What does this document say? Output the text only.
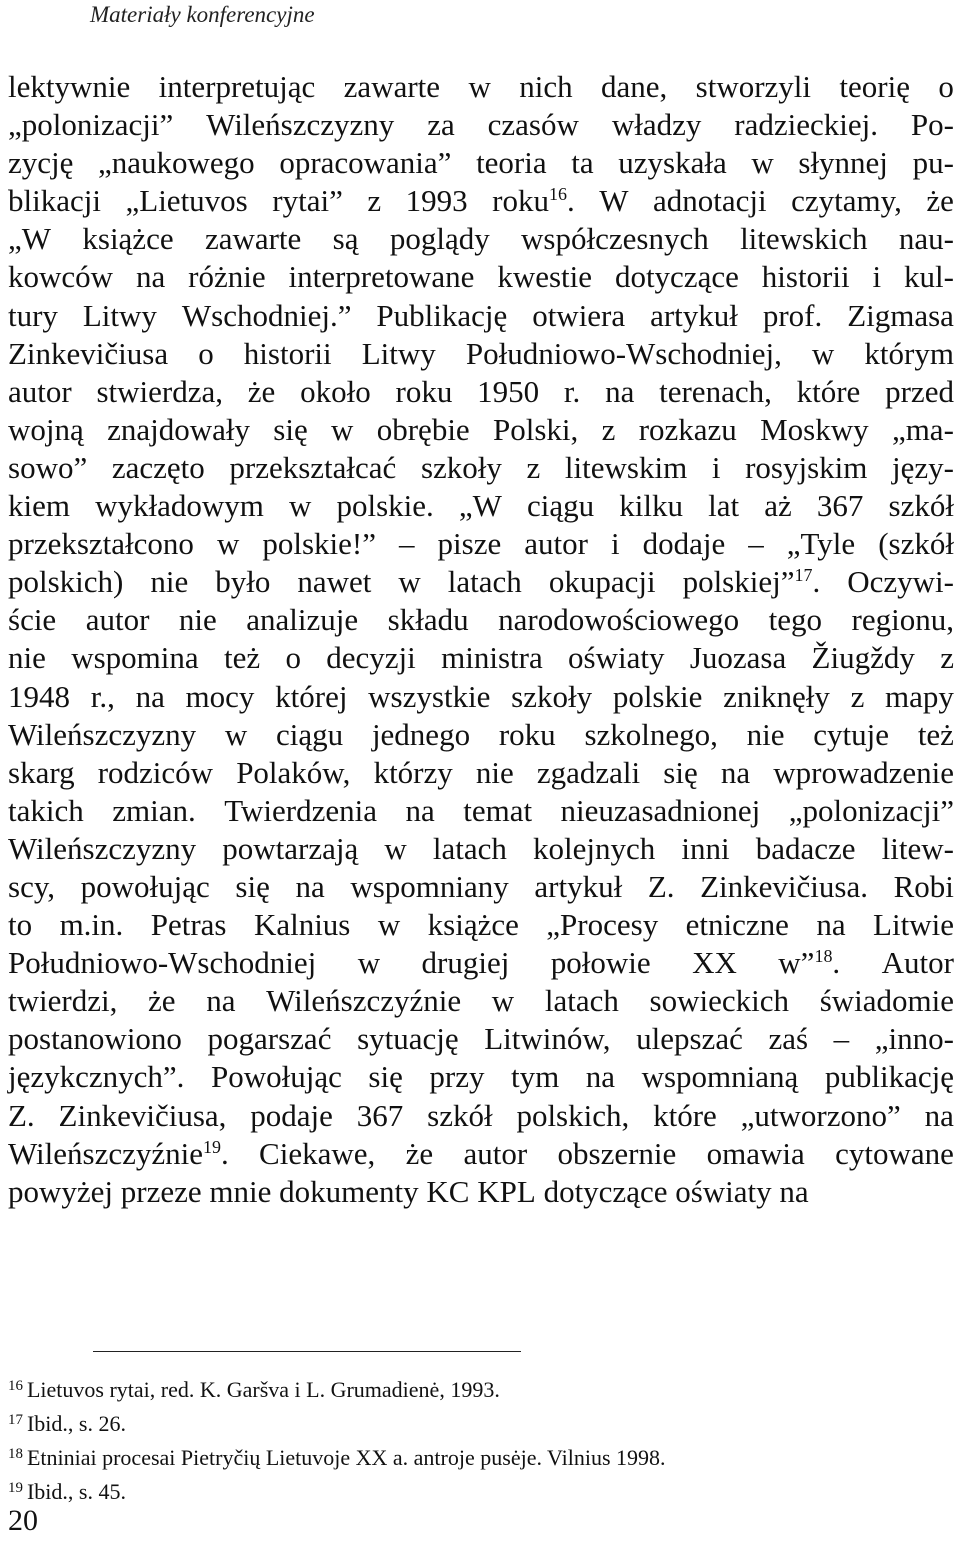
Materiały konferencyjne
lektywnie interpretując zawarte w nich dane, stworzyli teorię o
„polonizacji” Wileńszczyzny za czasów władzy radzieckiej. Po-
zycję „naukowego opracowania” teoria ta uzyskała w słynnej pu-
blikacji „Lietuvos rytai” z 1993 roku$^{16}$. W adnotacji czytamy, że
„W książce zawarte są poglądy współczesnych litewskich nau-
kowców na różnie interpretowane kwestie dotyczące historii i kul-
tury Litwy Wschodniej.” Publikację otwiera artykuł prof. Zigmasa
Zinkevičiusa o historii Litwy Południowo-Wschodniej, w którym
autor stwierdza, że około roku 1950 r. na terenach, które przed
wojną znajdowały się w obrębie Polski, z rozkazu Moskwy „ma-
sowo” zaczęto przekształcać szkoły z litewskim i rosyjskim języ-
kiem wykładowym w polskie. „W ciągu kilku lat aż 367 szkół
przekształcono w polskie!” – pisze autor i dodaje – „Tyle (szkół
polskich) nie było nawet w latach okupacji polskiej”$^{17}$. Oczywi-
ście autor nie analizuje składu narodowościowego tego regionu,
nie wspomina też o decyzji ministra oświaty Juozasa Žiugždy z
1948 r., na mocy której wszystkie szkoły polskie zniknęły z mapy
Wileńszczyzny w ciągu jednego roku szkolnego, nie cytuje też
skarg rodziców Polaków, którzy nie zgadzali się na wprowadzenie
takich zmian. Twierdzenia na temat nieuzasadnionej „polonizacji”
Wileńszczyzny powtarzają w latach kolejnych inni badacze litew-
scy, powołując się na wspomniany artykuł Z. Zinkevičiusa. Robi
to m.in. Petras Kalnius w książce „Procesy etniczne na Litwie
Południowo-Wschodniej w drugiej połowie XX w”$^{18}$. Autor
twierdzi, że na Wileńszczyźnie w latach sowieckich świadomie
postanowiono pogarszać sytuację Litwinów, ulepszać zaś – „inno-
językcznych”. Powołując się przy tym na wspomnianą publikację
Z. Zinkevičiusa, podaje 367 szkół polskich, które „utworzono” na
Wileńszczyźnie$^{19}$. Ciekawe, że autor obszernie omawia cytowane
powyżej
przeze
mnie
dokumenty
KC
KPL
dotyczące
oświaty
na
$^{16}$ Lietuvos rytai, red. K. Garšva i L. Grumadienė, 1993.
$^{17}$ Ibid., s. 26.
$^{18}$ Etniniai procesai Pietryčių Lietuvoje XX a. antroje pusėje. Vilnius 1998.
$^{19}$ Ibid., s. 45.
20
